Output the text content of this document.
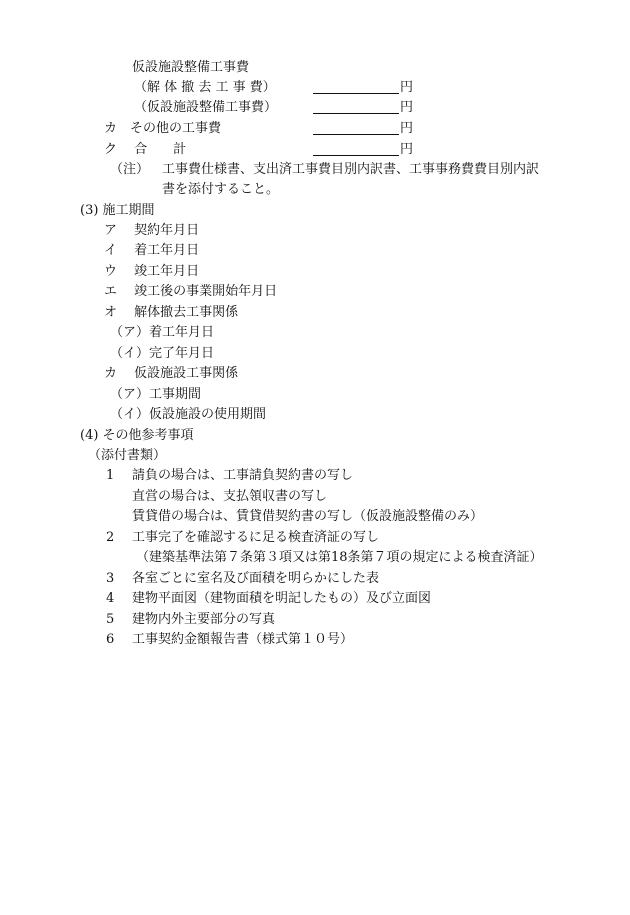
仮設施設整備工事費
（解 体 撤 去 工 事 費）	円
（仮設施設整備工事費）	円
カ　その他の工事費	円
ク　 合　　計	円
（注） 工事費仕様書、支出済工事費目別内訳書、工事事務費費目別内訳
書を添付すること。
(3) 施工期間
ア　 契約年月日
イ　 着工年月日
ウ　 竣工年月日
エ　 竣工後の事業開始年月日
オ　 解体撤去工事関係
（ア）着工年月日
（イ）完了年月日
カ　 仮設施設工事関係
（ア）工事期間
（イ）仮設施設の使用期間
(4) その他参考事項
（添付書類）
1 請負の場合は、工事請負契約書の写し
直営の場合は、支払領収書の写し
賃貸借の場合は、賃貸借契約書の写し（仮設施設整備のみ）
2 工事完了を確認するに足る検査済証の写し
（建築基準法第７条第３項又は第18条第７項の規定による検査済証）
3 各室ごとに室名及び面積を明らかにした表
4 建物平面図（建物面積を明記したもの）及び立面図
5 建物内外主要部分の写真
6 工事契約金額報告書（様式第１０号）
